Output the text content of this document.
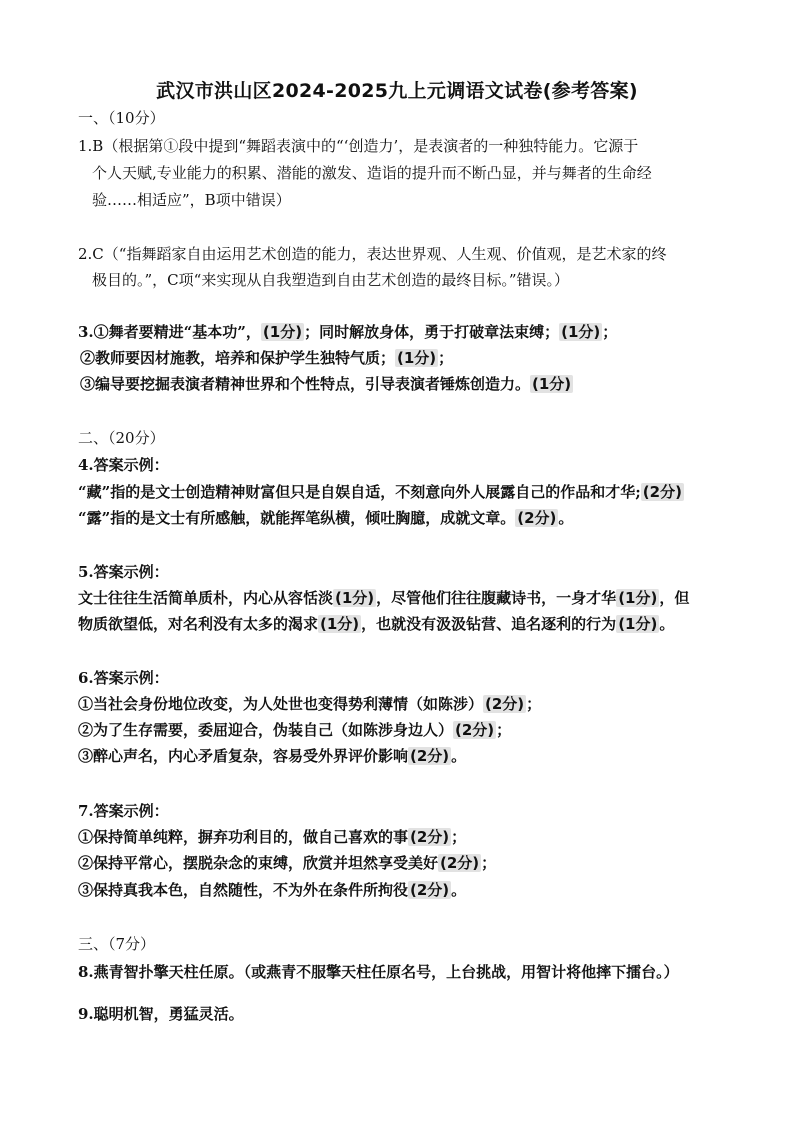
武汉市洪山区2024-2025九上元调语文试卷(参考答案)
一、（10分）
1.B（根据第①段中提到“舞蹈表演中的“‘创造力’，是表演者的一种独特能力。它源于
个人天赋,专业能力的积累、潜能的激发、造诣的提升而不断凸显，并与舞者的生命经
验……相适应”，B项中错误）
2.C（“指舞蹈家自由运用艺术创造的能力，表达世界观、人生观、价值观，是艺术家的终
极目的。”，C项“来实现从自我塑造到自由艺术创造的最终目标。”错误。）
3.①舞者要精进“基本功”， (1分) ；同时解放身体，勇于打破章法束缚； (1分) ；
②教师要因材施教，培养和保护学生独特气质； (1分) ；
③编导要挖掘表演者精神世界和个性特点，引导表演者锤炼创造力。 (1分)
二、（20分）
4.答案示例：
“藏”指的是文士创造精神财富但只是自娱自适，不刻意向外人展露自己的作品和才华; (2分)
“露”指的是文士有所感触，就能挥笔纵横，倾吐胸臆，成就文章。 (2分) 。
5.答案示例：
文士往往生活简单质朴，内心从容恬淡 (1分) ，尽管他们往往腹藏诗书，一身才华 (1分) ，但
物质欲望低，对名利没有太多的渴求 (1分) ，也就没有汲汲钻营、追名逐利的行为 (1分) 。
6.答案示例：
①当社会身份地位改变，为人处世也变得势利薄情（如陈涉） (2分) ；
②为了生存需要，委屈迎合，伪装自己（如陈涉身边人） (2分) ；
③醉心声名，内心矛盾复杂，容易受外界评价影响 (2分) 。
7.答案示例：
①保持简单纯粹，摒弃功利目的，做自己喜欢的事 (2分) ；
②保持平常心，摆脱杂念的束缚，欣赏并坦然享受美好 (2分) ；
③保持真我本色，自然随性，不为外在条件所拘役 (2分) 。
三、（7分）
8.燕青智扑擎天柱任原。（或燕青不服擎天柱任原名号，上台挑战，用智计将他摔下擂台。）
9.聪明机智，勇猛灵活。
